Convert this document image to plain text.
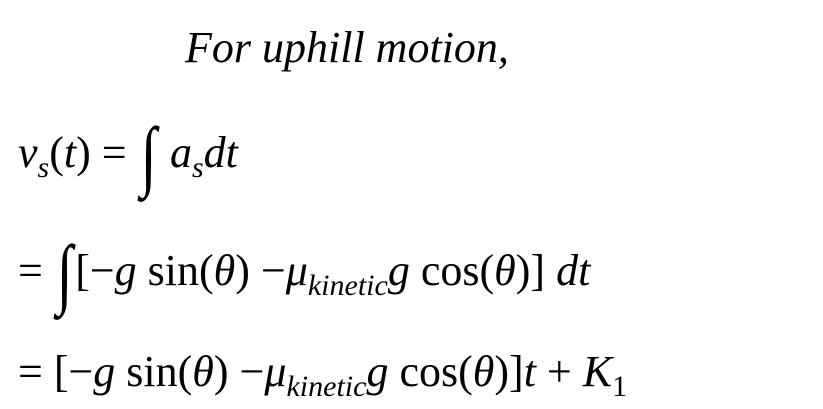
For uphill motion,
$v_s(t)$ = ∫ $a_sdt$
= ∫[−g $\sin(\theta) -\mu_{kinetic}g$ cos(θ)] dt
= [−g $\sin(\theta) -\mu_{kinetic}g$ $\cos(\theta)]t + K_1$
